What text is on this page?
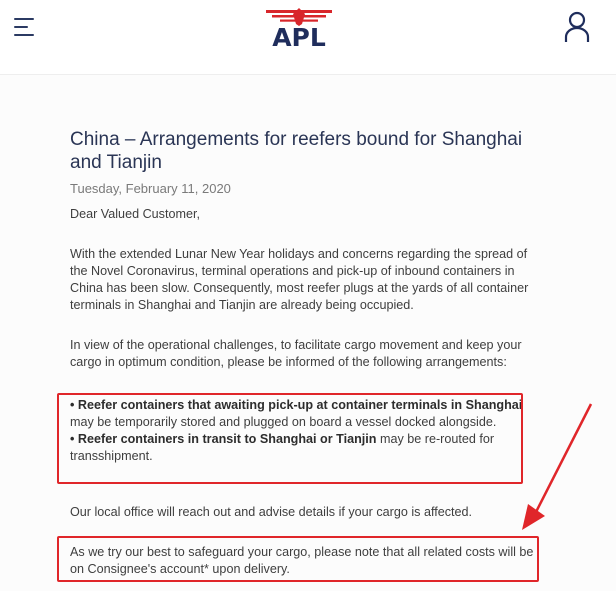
APL
China – Arrangements for reefers bound for Shanghai and Tianjin
Tuesday, February 11, 2020

Dear Valued Customer,

With the extended Lunar New Year holidays and concerns regarding the spread of the Novel Coronavirus, terminal operations and pick-up of inbound containers in China has been slow. Consequently, most reefer plugs at the yards of all container terminals in Shanghai and Tianjin are already being occupied.

In view of the operational challenges, to facilitate cargo movement and keep your cargo in optimum condition, please be informed of the following arrangements:

• Reefer containers that awaiting pick-up at container terminals in Shanghai may be temporarily stored and plugged on board a vessel docked alongside.
• Reefer containers in transit to Shanghai or Tianjin may be re-routed for transshipment.

Our local office will reach out and advise details if your cargo is affected.

As we try our best to safeguard your cargo, please note that all related costs will be on Consignee's account* upon delivery.
